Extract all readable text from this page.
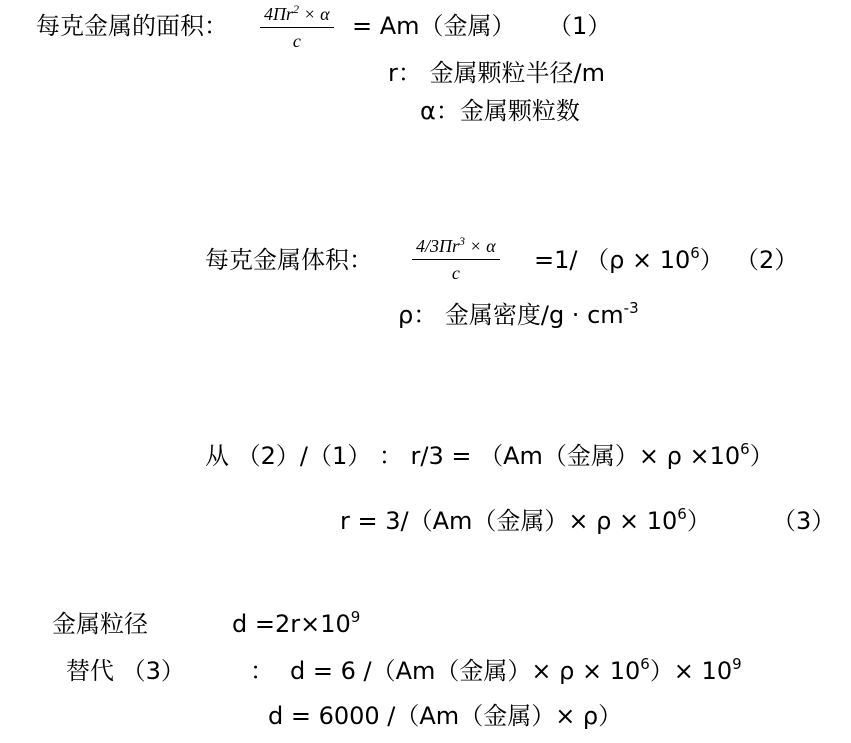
每克金属的面积： $4\Pi r^2 \times \alpha$
c
= Am（金属） （1）
r： 金属颗粒半径/m
α：金属颗粒数
每克金属体积： $4/3\Pi r^3 \times \alpha$
c	=1/ $(\rho \times 10^6)$ （2）
ρ： 金属密度$/g \cdot cm^{-3}$
从 （2）/（1） ： r/3 = （Am（金属）× $\rho \times 10^6$）
r = 3/（Am（金属）× $\rho \times 10^6$）	（3）
金属粒径	$d =2r\times 10^9$
替代 （3）	： d = 6 /（Am（金属）× $\rho \times 10^6)\times 10^9$
d = 6000 /（Am（金属）× ρ）
